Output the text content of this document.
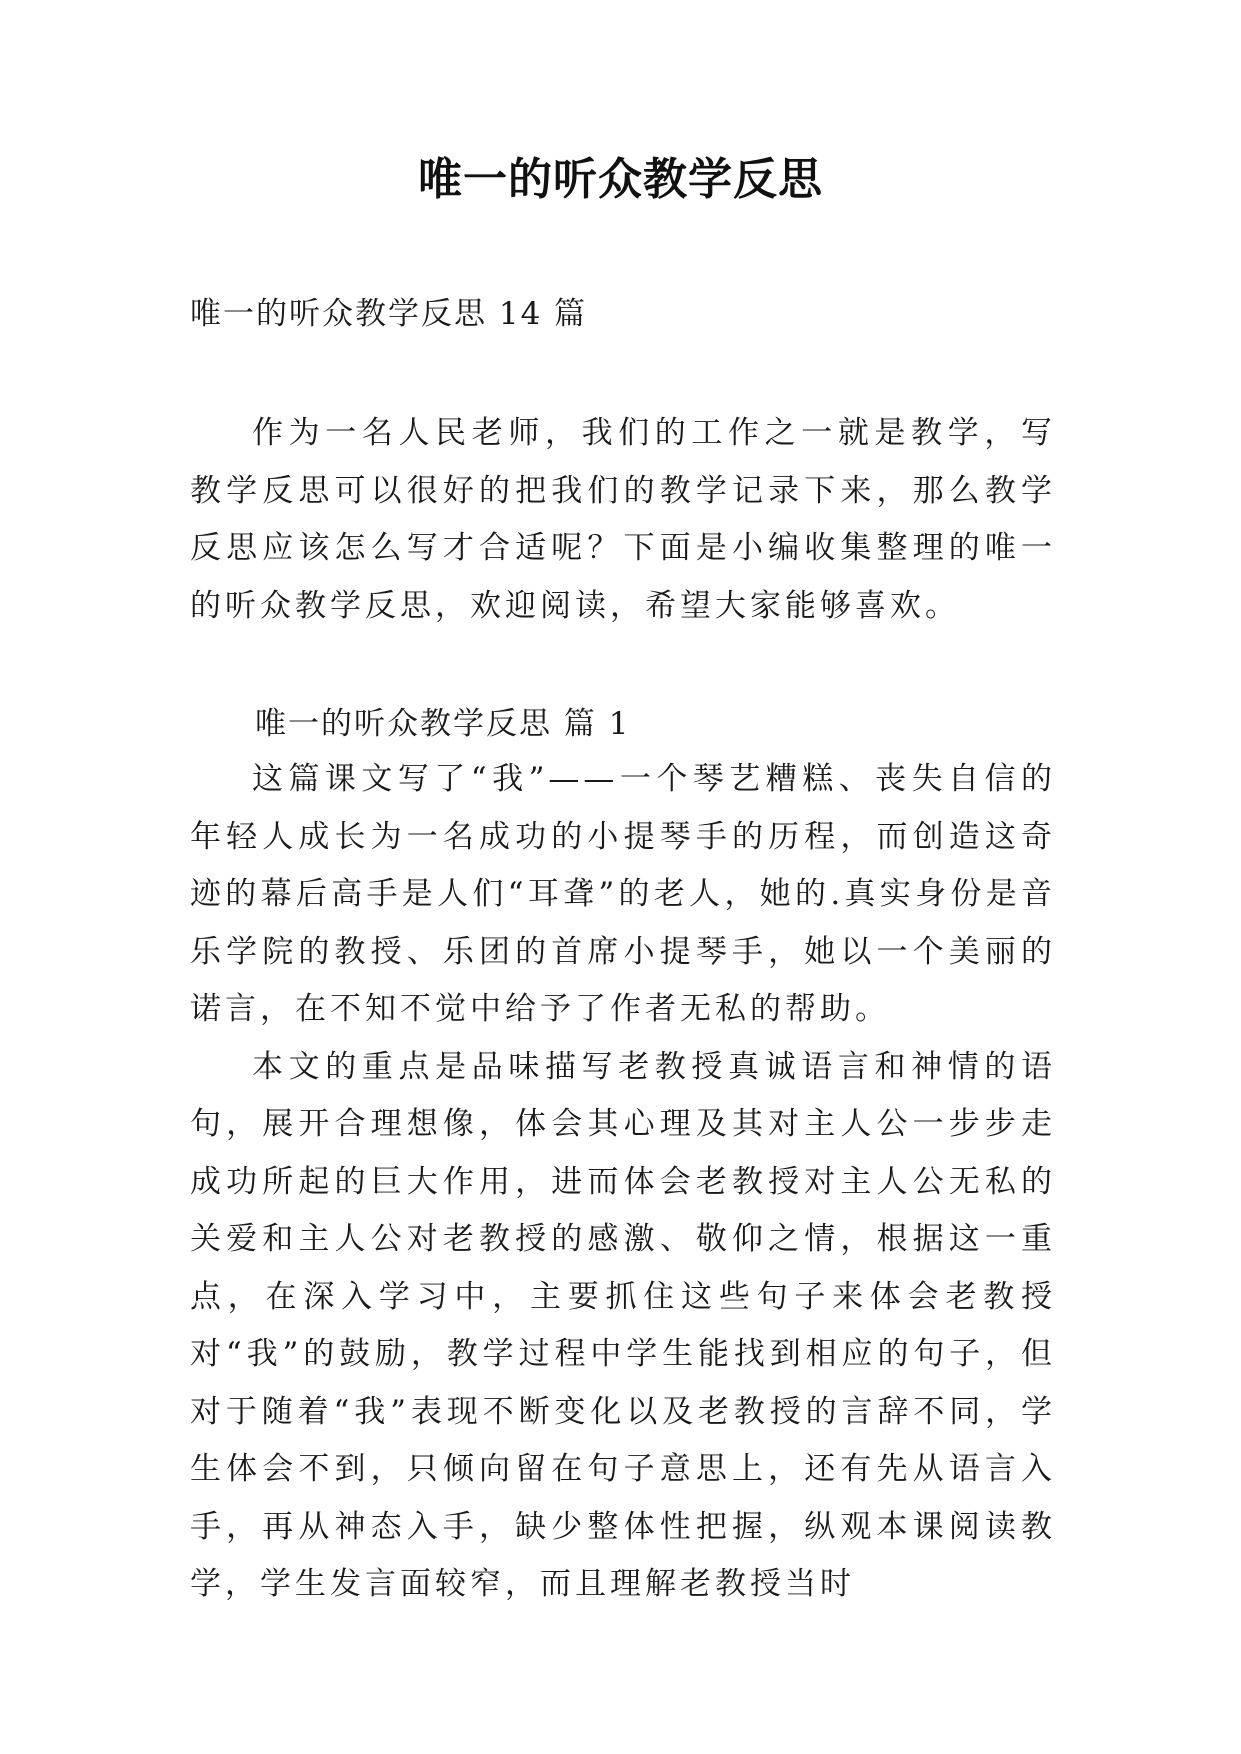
唯一的听众教学反思
唯一的听众教学反思 14 篇

作为一名人民老师，我们的工作之一就是教学，写教学反思可以很好的把我们的教学记录下来，那么教学反思应该怎么写才合适呢？下面是小编收集整理的唯一的听众教学反思，欢迎阅读，希望大家能够喜欢。

唯一的听众教学反思 篇 1

这篇课文写了“我”——一个琴艺糟糕、丧失自信的年轻人成长为一名成功的小提琴手的历程，而创造这奇迹的幕后高手是人们“耳聋”的老人，她的.真实身份是音乐学院的教授、乐团的首席小提琴手，她以一个美丽的诺言，在不知不觉中给予了作者无私的帮助。

本文的重点是品味描写老教授真诚语言和神情的语句，展开合理想像，体会其心理及其对主人公一步步走成功所起的巨大作用，进而体会老教授对主人公无私的关爱和主人公对老教授的感激、敬仰之情，根据这一重点，在深入学习中，主要抓住这些句子来体会老教授对“我”的鼓励，教学过程中学生能找到相应的句子，但对于随着“我”表现不断变化以及老教授的言辞不同，学生体会不到，只倾向留在句子意思上，还有先从语言入手，再从神态入手，缺少整体性把握，纵观本课阅读教学，学生发言面较窄，而且理解老教授当时
